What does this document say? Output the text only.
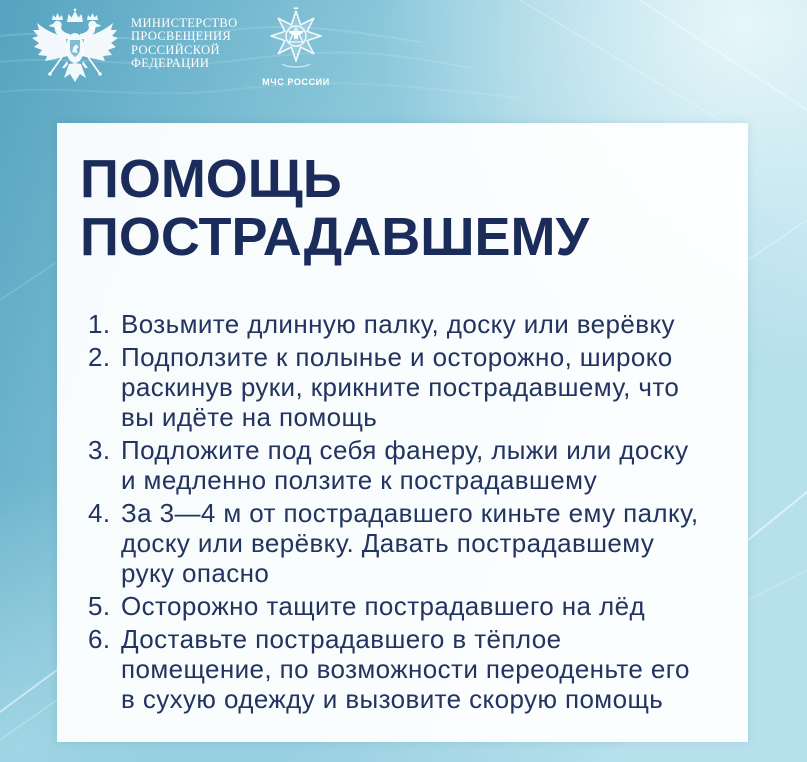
МИНИСТЕРСТВО
ПРОСВЕЩЕНИЯ
РОССИЙСКОЙ
ФЕДЕРАЦИИ
МЧС РОССИИ
ПОМОЩЬ
ПОСТРАДАВШЕМУ
1. Возьмите длинную палку, доску или верёвку
2. Подползите к полынье и осторожно, широко
раскинув руки, крикните пострадавшему, что
вы идёте на помощь
3. Подложите под себя фанеру, лыжи или доску
и медленно ползите к пострадавшему
4. За 3—4 м от пострадавшего киньте ему палку,
доску или верёвку. Давать пострадавшему
руку опасно
5. Осторожно тащите пострадавшего на лёд
6. Доставьте пострадавшего в тёплое
помещение, по возможности переоденьте его
в сухую одежду и вызовите скорую помощь
